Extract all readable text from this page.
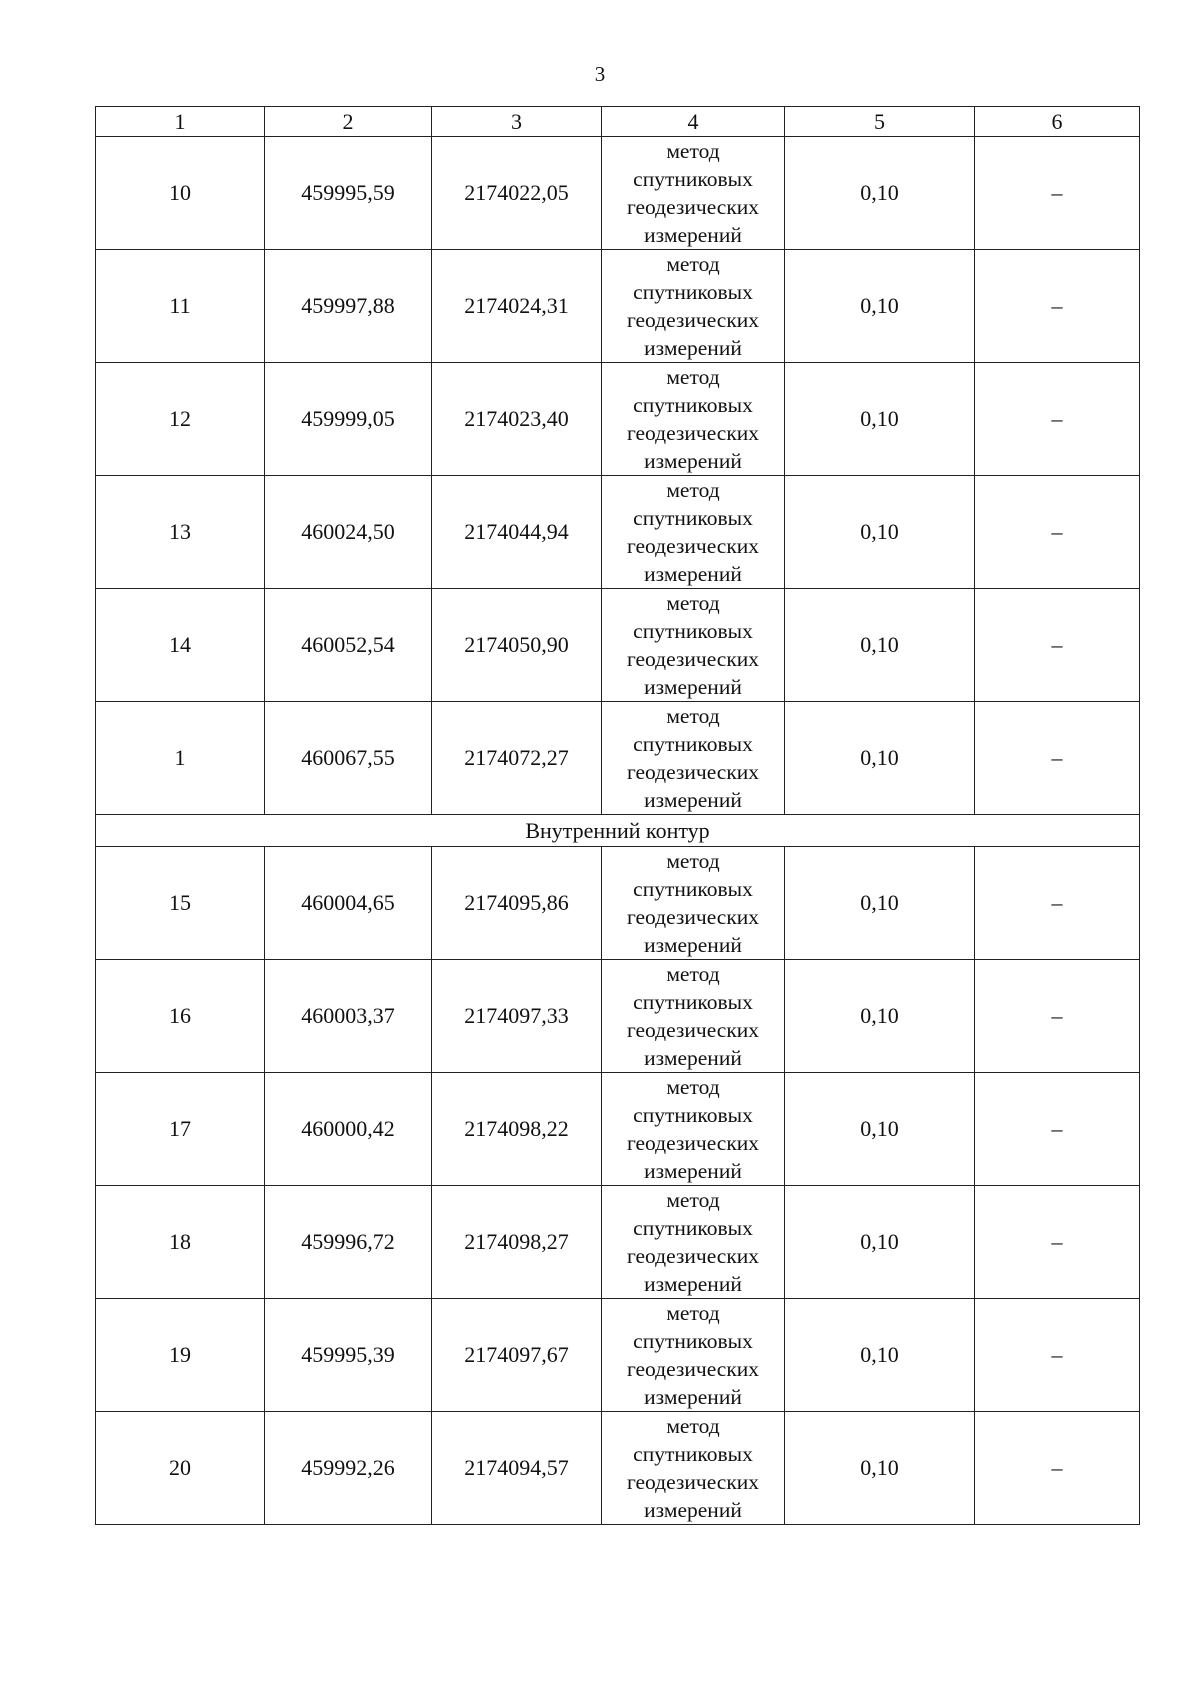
3
1	2	3	4	5	6
10	459995,59	2174022,05	метод
спутниковых
геодезических
измерений	0,10	–
11	459997,88	2174024,31	метод
спутниковых
геодезических
измерений	0,10	–
12	459999,05	2174023,40	метод
спутниковых
геодезических
измерений	0,10	–
13	460024,50	2174044,94	метод
спутниковых
геодезических
измерений	0,10	–
14	460052,54	2174050,90	метод
спутниковых
геодезических
измерений	0,10	–
1	460067,55	2174072,27	метод
спутниковых
геодезических
измерений	0,10	–
Внутренний контур					
15	460004,65	2174095,86	метод
спутниковых
геодезических
измерений	0,10	–
16	460003,37	2174097,33	метод
спутниковых
геодезических
измерений	0,10	–
17	460000,42	2174098,22	метод
спутниковых
геодезических
измерений	0,10	–
18	459996,72	2174098,27	метод
спутниковых
геодезических
измерений	0,10	–
19	459995,39	2174097,67	метод
спутниковых
геодезических
измерений	0,10	–
20	459992,26	2174094,57	метод
спутниковых
геодезических
измерений	0,10	–
